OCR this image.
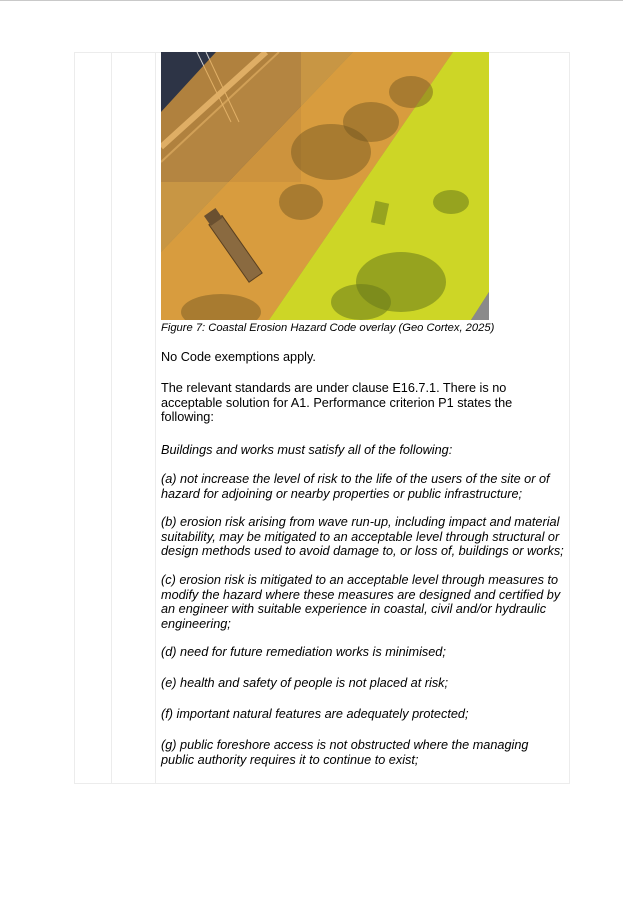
Figure 7: Coastal Erosion Hazard Code overlay (Geo Cortex, 2025)
No Code exemptions apply.
The relevant standards are under clause E16.7.1. There is no acceptable solution for A1. Performance criterion P1 states the following:
Buildings and works must satisfy all of the following:
(a) not increase the level of risk to the life of the users of the site or of hazard for adjoining or nearby properties or public infrastructure;
(b) erosion risk arising from wave run-up, including impact and material suitability, may be mitigated to an acceptable level through structural or design methods used to avoid damage to, or loss of, buildings or works;
(c) erosion risk is mitigated to an acceptable level through measures to modify the hazard where these measures are designed and certified by an engineer with suitable experience in coastal, civil and/or hydraulic engineering;
(d) need for future remediation works is minimised;
(e) health and safety of people is not placed at risk;
(f) important natural features are adequately protected;
(g) public foreshore access is not obstructed where the managing public authority requires it to continue to exist;
